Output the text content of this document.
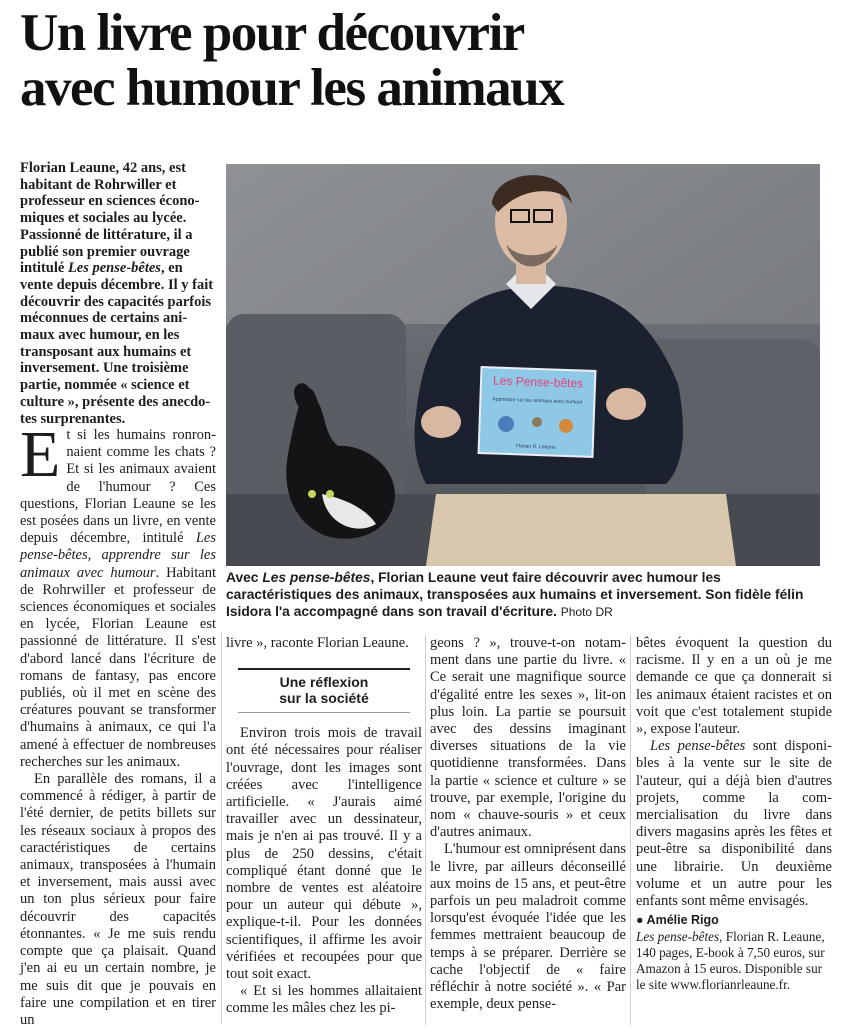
Un livre pour découvrir
avec humour les animaux
Florian Leaune, 42 ans, est habitant de Rohrwiller et professeur en sciences économiques et sociales au lycée. Passionné de littérature, il a publié son premier ouvrage intitulé Les pense-bêtes, en vente depuis décembre. Il y fait découvrir des capacités parfois méconnues de certains animaux avec humour, en les transposant aux humains et inversement. Une troisième partie, nommée « science et culture », présente des anecdotes surprenantes.

Et si les humains ronronnaient comme les chats ? Et si les animaux avaient de l'humour ? Ces questions, Florian Leaune se les est posées dans un livre, en vente depuis décembre, intitulé Les pense-bêtes, apprendre sur les animaux avec humour. Habitant de Rohrwiller et professeur de sciences économiques et sociales en lycée, Florian Leaune est passionné de littérature. Il s'est d'abord lancé dans l'écriture de romans de fantasy, pas encore publiés, où il met en scène des créatures pouvant se transformer d'humains à animaux, ce qui l'a amené à effectuer de nombreuses recherches sur les animaux.

En parallèle des romans, il a commencé à rédiger, à partir de l'été dernier, de petits billets sur les réseaux sociaux à propos des caractéristiques de certains animaux, transposées à l'humain et inversement, mais aussi avec un ton plus sérieux pour faire découvrir des capacités étonnantes. « Je me suis rendu compte que ça plaisait. Quand j'en ai eu un certain nombre, je me suis dit que je pouvais en faire une compilation et en tirer un

Les Pense-bêtes
Apprendre sur les animaux avec humour
Florian R. Leaune
Avec Les pense-bêtes, Florian Leaune veut faire découvrir avec humour les caractéristiques des animaux, transposées aux humains et inversement. Son fidèle félin Isidora l'a accompagné dans son travail d'écriture. Photo DR

livre », raconte Florian Leaune.

Une réflexion
sur la société

Environ trois mois de travail ont été nécessaires pour réaliser l'ouvrage, dont les images sont créées avec l'intelligence artificielle. « J'aurais aimé travailler avec un dessinateur, mais je n'en ai pas trouvé. Il y a plus de 250 dessins, c'était compliqué étant donné que le nombre de ventes est aléatoire pour un auteur qui débute », explique-t-il. Pour les données scientifiques, il affirme les avoir vérifiées et recoupées pour que tout soit exact.

« Et si les hommes allaitaient comme les mâles chez les pi-

geons ? », trouve-t-on notamment dans une partie du livre. « Ce serait une magnifique source d'égalité entre les sexes », lit-on plus loin. La partie se poursuit avec des dessins imaginant diverses situations de la vie quotidienne transformées. Dans la partie « science et culture » se trouve, par exemple, l'origine du nom « chauve-souris » et ceux d'autres animaux.

L'humour est omniprésent dans le livre, par ailleurs déconseillé aux moins de 15 ans, et peut-être parfois un peu maladroit comme lorsqu'est évoquée l'idée que les femmes mettraient beaucoup de temps à se préparer. Derrière se cache l'objectif de « faire réfléchir à notre société ». « Par exemple, deux pense-

bêtes évoquent la question du racisme. Il y en a un où je me demande ce que ça donnerait si les animaux étaient racistes et on voit que c'est totalement stupide », expose l'auteur.

Les pense-bêtes sont disponibles à la vente sur le site de l'auteur, qui a déjà bien d'autres projets, comme la commercialisation du livre dans divers magasins après les fêtes et peut-être sa disponibilité dans une librairie. Un deuxième volume et un autre pour les enfants sont même envisagés.

● Amélie Rigo

Les pense-bêtes, Florian R. Leaune, 140 pages, E-book à 7,50 euros, sur Amazon à 15 euros. Disponible sur le site www.florianrleaune.fr.
